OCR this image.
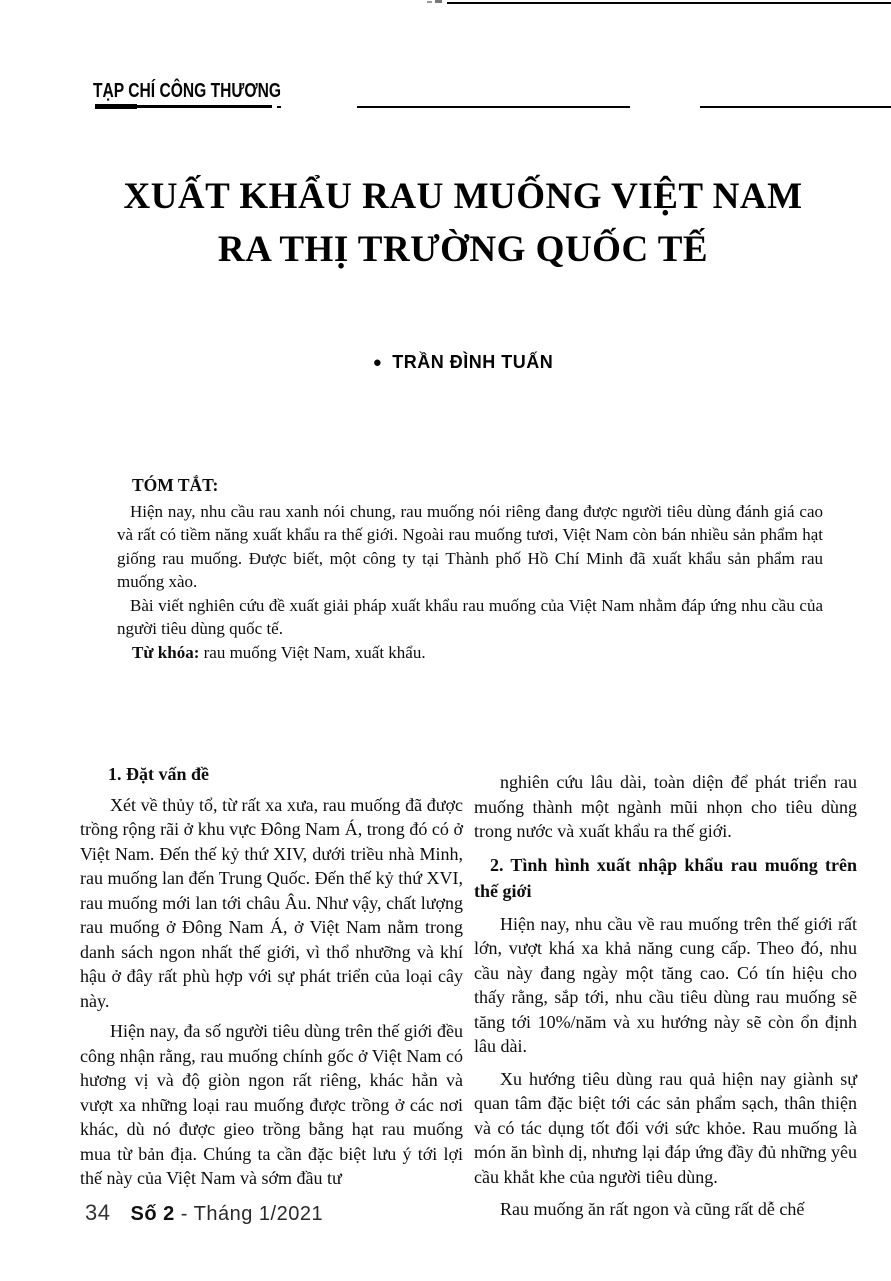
TẠP CHÍ CÔNG THƯƠNG
XUẤT KHẨU RAU MUỐNG VIỆT NAM
RA THỊ TRƯỜNG QUỐC TẾ
● TRẦN ĐÌNH TUẤN
TÓM TẮT:

Hiện nay, nhu cầu rau xanh nói chung, rau muống nói riêng đang được người tiêu dùng đánh giá cao và rất có tiềm năng xuất khẩu ra thế giới. Ngoài rau muống tươi, Việt Nam còn bán nhiều sản phẩm hạt giống rau muống. Được biết, một công ty tại Thành phố Hồ Chí Minh đã xuất khẩu sản phẩm rau muống xào.

Bài viết nghiên cứu đề xuất giải pháp xuất khẩu rau muống của Việt Nam nhằm đáp ứng nhu cầu của người tiêu dùng quốc tế.

Từ khóa: rau muống Việt Nam, xuất khẩu.

1. Đặt vấn đề

Xét về thủy tổ, từ rất xa xưa, rau muống đã được trồng rộng rãi ở khu vực Đông Nam Á, trong đó có ở Việt Nam. Đến thế kỷ thứ XIV, dưới triều nhà Minh, rau muống lan đến Trung Quốc. Đến thế kỷ thứ XVI, rau muống mới lan tới châu Âu. Như vậy, chất lượng rau muống ở Đông Nam Á, ở Việt Nam nằm trong danh sách ngon nhất thế giới, vì thổ nhưỡng và khí hậu ở đây rất phù hợp với sự phát triển của loại cây này.

Hiện nay, đa số người tiêu dùng trên thế giới đều công nhận rằng, rau muống chính gốc ở Việt Nam có hương vị và độ giòn ngon rất riêng, khác hẳn và vượt xa những loại rau muống được trồng ở các nơi khác, dù nó được gieo trồng bằng hạt rau muống mua từ bản địa. Chúng ta cần đặc biệt lưu ý tới lợi thế này của Việt Nam và sớm đầu tư

nghiên cứu lâu dài, toàn diện để phát triển rau muống thành một ngành mũi nhọn cho tiêu dùng trong nước và xuất khẩu ra thế giới.

2. Tình hình xuất nhập khẩu rau muống trên thế giới

Hiện nay, nhu cầu về rau muống trên thế giới rất lớn, vượt khá xa khả năng cung cấp. Theo đó, nhu cầu này đang ngày một tăng cao. Có tín hiệu cho thấy rằng, sắp tới, nhu cầu tiêu dùng rau muống sẽ tăng tới 10%/năm và xu hướng này sẽ còn ổn định lâu dài.

Xu hướng tiêu dùng rau quả hiện nay giành sự quan tâm đặc biệt tới các sản phẩm sạch, thân thiện và có tác dụng tốt đối với sức khỏe. Rau muống là món ăn bình dị, nhưng lại đáp ứng đầy đủ những yêu cầu khắt khe của người tiêu dùng.

Rau muống ăn rất ngon và cũng rất dễ chế

34 Số 2 - Tháng 1/2021
